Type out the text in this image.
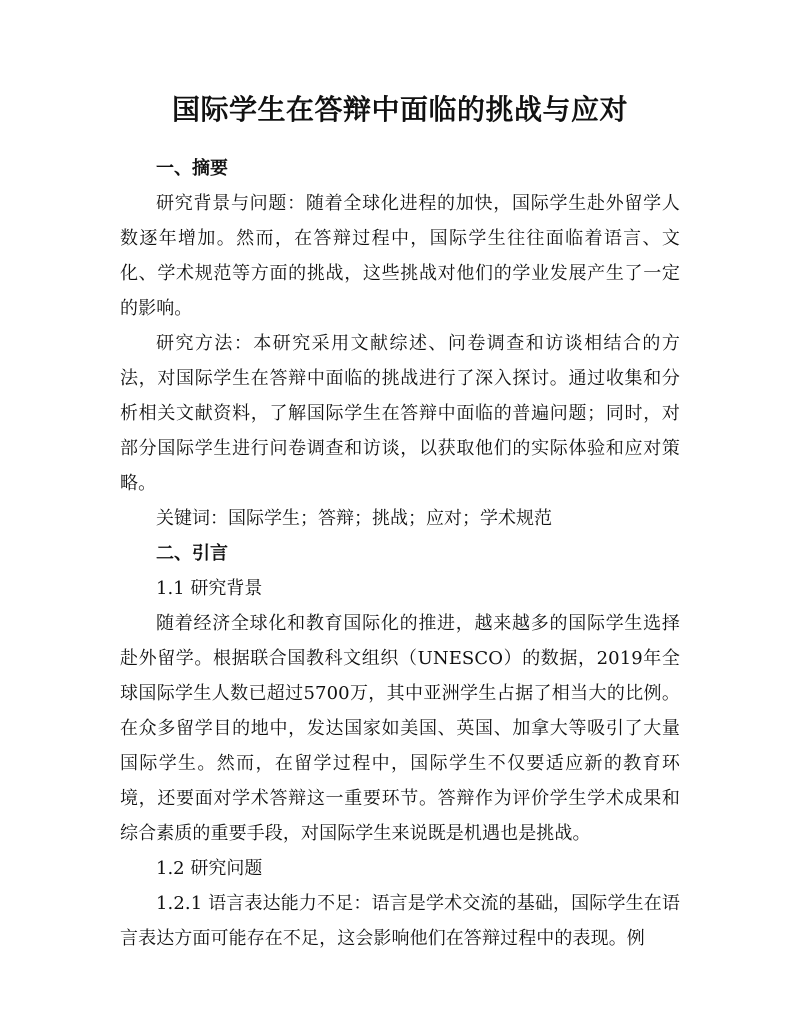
国际学生在答辩中面临的挑战与应对

一、摘要

研究背景与问题：随着全球化进程的加快，国际学生赴外留学人数逐年增加。然而，在答辩过程中，国际学生往往面临着语言、文化、学术规范等方面的挑战，这些挑战对他们的学业发展产生了一定的影响。

研究方法：本研究采用文献综述、问卷调查和访谈相结合的方法，对国际学生在答辩中面临的挑战进行了深入探讨。通过收集和分析相关文献资料，了解国际学生在答辩中面临的普遍问题；同时，对部分国际学生进行问卷调查和访谈，以获取他们的实际体验和应对策略。

关键词：国际学生；答辩；挑战；应对；学术规范

二、引言

1.1 研究背景

随着经济全球化和教育国际化的推进，越来越多的国际学生选择赴外留学。根据联合国教科文组织（UNESCO）的数据，2019年全球国际学生人数已超过5700万，其中亚洲学生占据了相当大的比例。在众多留学目的地中，发达国家如美国、英国、加拿大等吸引了大量国际学生。然而，在留学过程中，国际学生不仅要适应新的教育环境，还要面对学术答辩这一重要环节。答辩作为评价学生学术成果和综合素质的重要手段，对国际学生来说既是机遇也是挑战。

1.2 研究问题

1.2.1 语言表达能力不足：语言是学术交流的基础，国际学生在语言表达方面可能存在不足，这会影响他们在答辩过程中的表现。例
